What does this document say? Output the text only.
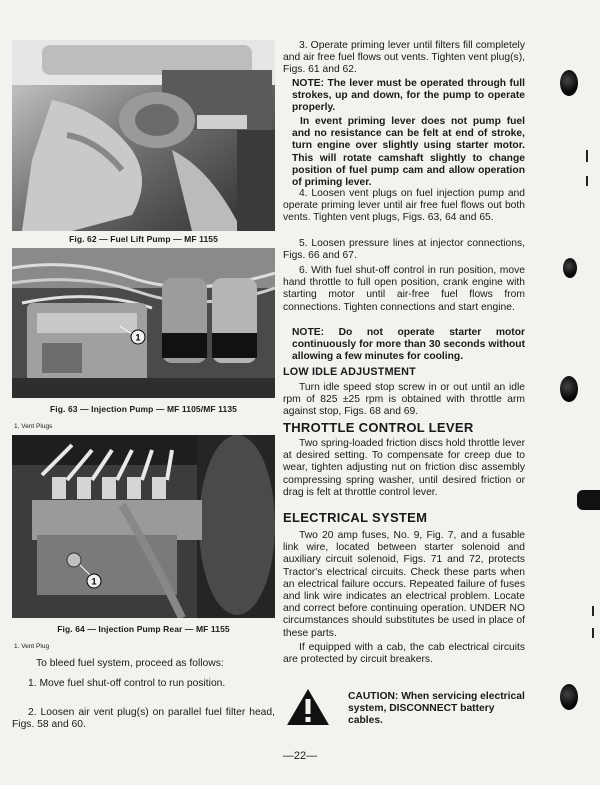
Fig. 62 — Fuel Lift Pump — MF 1155
1
Fig. 63 — Injection Pump — MF 1105/MF 1135
1. Vent Plugs
1
Fig. 64 — Injection Pump Rear — MF 1155
1. Vent Plug

To bleed fuel system, proceed as follows:

1. Move fuel shut-off control to run position.

2. Loosen air vent plug(s) on parallel fuel filter head, Figs. 58 and 60.

3. Operate priming lever until filters fill completely and air free fuel flows out vents. Tighten vent plug(s), Figs. 61 and 62.

NOTE: The lever must be operated through full strokes, up and down, for the pump to operate properly.

In event priming lever does not pump fuel and no resistance can be felt at end of stroke, turn engine over slightly using starter motor. This will rotate camshaft slightly to change position of fuel pump cam and allow operation of priming lever.

4. Loosen vent plugs on fuel injection pump and operate priming lever until air free fuel flows out both vents. Tighten vent plugs, Figs. 63, 64 and 65.

5. Loosen pressure lines at injector connections, Figs. 66 and 67.

6. With fuel shut-off control in run position, move hand throttle to full open position, crank engine with starting motor until air-free fuel flows from connections. Tighten connections and start engine.

NOTE: Do not operate starter motor continuously for more than 30 seconds without allowing a few minutes for cooling.

LOW IDLE ADJUSTMENT

Turn idle speed stop screw in or out until an idle rpm of 825 ±25 rpm is obtained with throttle arm against stop, Figs. 68 and 69.

THROTTLE CONTROL LEVER

Two spring-loaded friction discs hold throttle lever at desired setting. To compensate for creep due to wear, tighten adjusting nut on friction disc assembly compressing spring washer, until desired friction or drag is felt at throttle control lever.

ELECTRICAL SYSTEM

Two 20 amp fuses, No. 9, Fig. 7, and a fusable link wire, located between starter solenoid and auxiliary circuit solenoid, Figs. 71 and 72, protects Tractor's electrical circuits. Check these parts when an electrical failure occurs. Repeated failure of fuses and link wire indicates an electrical problem. Locate and correct before continuing operation. UNDER NO circumstances should substitutes be used in place of these parts.

If equipped with a cab, the cab electrical circuits are protected by circuit breakers.

CAUTION: When servicing electrical system, DISCONNECT battery cables.

—22—
